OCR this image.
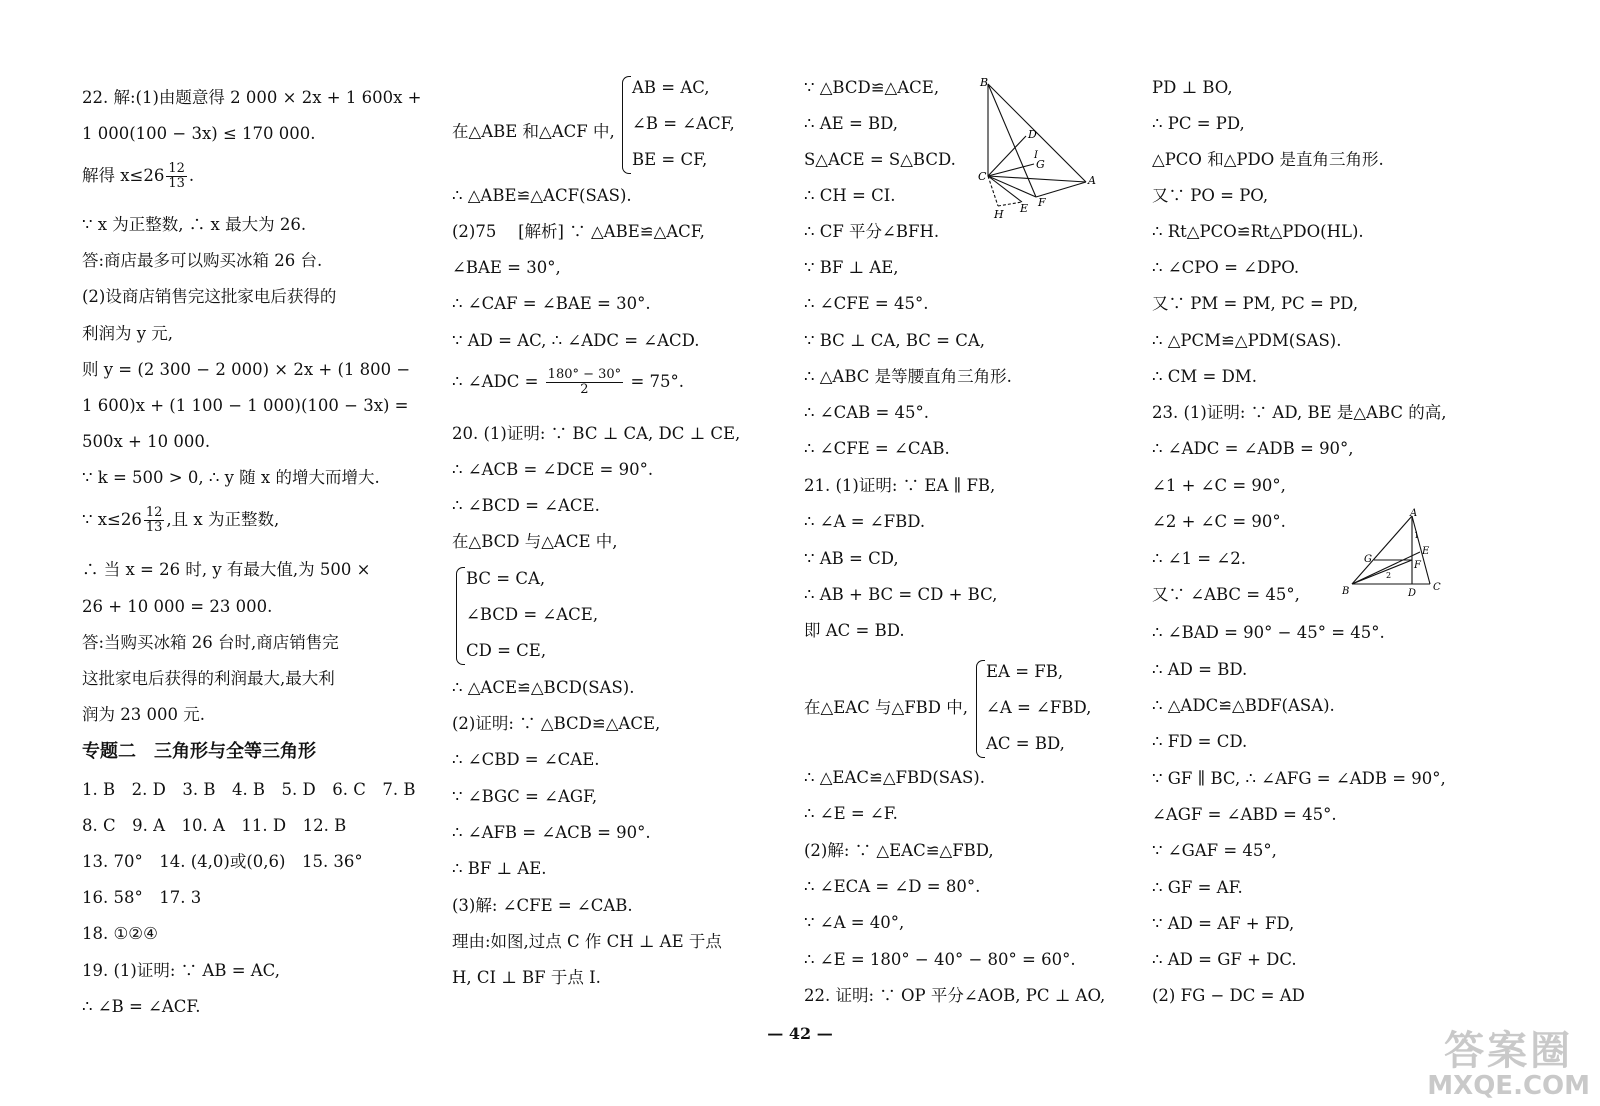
22. 解:(1)由题意得 2 000 × 2x + 1 600x +
1 000(100 − 3x) ≤ 170 000.
解得 $x\le 26 \frac{12}{13}$ .
∵ x 为正整数, ∴ x 最大为 26.
答:商店最多可以购买冰箱 26 台.
(2)设商店销售完这批家电后获得的
利润为 y 元,
则 y = (2 300 − 2 000) × 2x + (1 800 −
1 600)x + (1 100 − 1 000)(100 − 3x) =
500x + 10 000.
∵ k = 500 > 0, ∴ y 随 x 的增大而增大.
∵ $x\le 26 \frac{12}{13}$ ,且 x 为正整数,
∴ 当 x = 26 时, y 有最大值,为 500 ×
26 + 10 000 = 23 000.
答:当购买冰箱 26 台时,商店销售完
这批家电后获得的利润最大,最大利
润为 23 000 元.
专题二　三角形与全等三角形
1. B　2. D　3. B　4. B　5. D　6. C　7. B
8. C　9. A　10. A　11. D　12. B
13. 70°　14. (4,0)或(0,6)　15. 36°
16. 58°　17. 3
18. ①②④
19. (1)证明: ∵ AB = AC,
∴ ∠B = ∠ACF.
在△ABE 和△ACF 中,
AB = AC,
∠B = ∠ACF,
BE = CF,
∴ ∠ADC = $\frac{180^\circ - 30^\circ}{2} = 75^\circ$.
BC = CA,
∠BCD = ∠ACE,
CD = CE,
∴ △ABE≌△ACF(SAS).
(2)75 　[解析] ∵ △ABE≌△ACF,
∠BAE = 30°,
∴ ∠CAF = ∠BAE = 30°.
∵ AD = AC, ∴ ∠ADC = ∠ACD.
20. (1)证明: ∵ BC ⊥ CA, DC ⊥ CE,
∴ ∠ACB = ∠DCE = 90°.
∴ ∠BCD = ∠ACE.
在△BCD 与△ACE 中,
∴ △ACE≌△BCD(SAS).
(2)证明: ∵ △BCD≌△ACE,
∴ ∠CBD = ∠CAE.
∵ ∠BGC = ∠AGF,
∴ ∠AFB = ∠ACB = 90°.
∴ BF ⊥ AE.
(3)解: ∠CFE = ∠CAB.
理由:如图,过点 C 作 CH ⊥ AE 于点
H, CI ⊥ BF 于点 I.
在△EAC 与△FBD 中,
EA = FB,
∠A = ∠FBD,
AC = BD,
∵ △BCD≌△ACE,
∴ AE = BD,
S△ACE = S△BCD.
∴ CH = CI.
∴ CF 平分∠BFH.
∵ BF ⊥ AE,
∴ ∠CFE = 45°.
∵ BC ⊥ CA, BC = CA,
∴ △ABC 是等腰直角三角形.
∴ ∠CAB = 45°.
∴ ∠CFE = ∠CAB.
21. (1)证明: ∵ EA ∥ FB,
∴ ∠A = ∠FBD.
∵ AB = CD,
∴ AB + BC = CD + BC,
即 AC = BD.
∴ △EAC≌△FBD(SAS).
∴ ∠E = ∠F.
(2)解: ∵ △EAC≌△FBD,
∴ ∠ECA = ∠D = 80°.
∵ ∠A = 40°,
∴ ∠E = 180° − 40° − 80° = 60°.
22. 证明: ∵ OP 平分∠AOB, PC ⊥ AO,
PD ⊥ BO,
∴ PC = PD,
△PCO 和△PDO 是直角三角形.
又∵ PO = PO,
∴ Rt△PCO≌Rt△PDO(HL).
∴ ∠CPO = ∠DPO.
又∵ PM = PM, PC = PD,
∴ △PCM≌△PDM(SAS).
∴ CM = DM.
23. (1)证明: ∵ AD, BE 是△ABC 的高,
∴ ∠ADC = ∠ADB = 90°,
∠1 + ∠C = 90°,
∠2 + ∠C = 90°.
∴ ∠1 = ∠2.
又∵ ∠ABC = 45°,
∴ ∠BAD = 90° − 45° = 45°.
∴ AD = BD.
∴ △ADC≌△BDF(ASA).
∴ FD = CD.
∵ GF ∥ BC, ∴ ∠AFG = ∠ADB = 90°,
∠AGF = ∠ABD = 45°.
∵ ∠GAF = 45°,
∴ GF = AF.
∵ AD = AF + FD,
∴ AD = GF + DC.
(2) FG − DC = AD
B
D
I
G
C	A
H E F
A
G
E
1
2
F
B	D
C
— 42 —	答案圈
MXQE.COM
